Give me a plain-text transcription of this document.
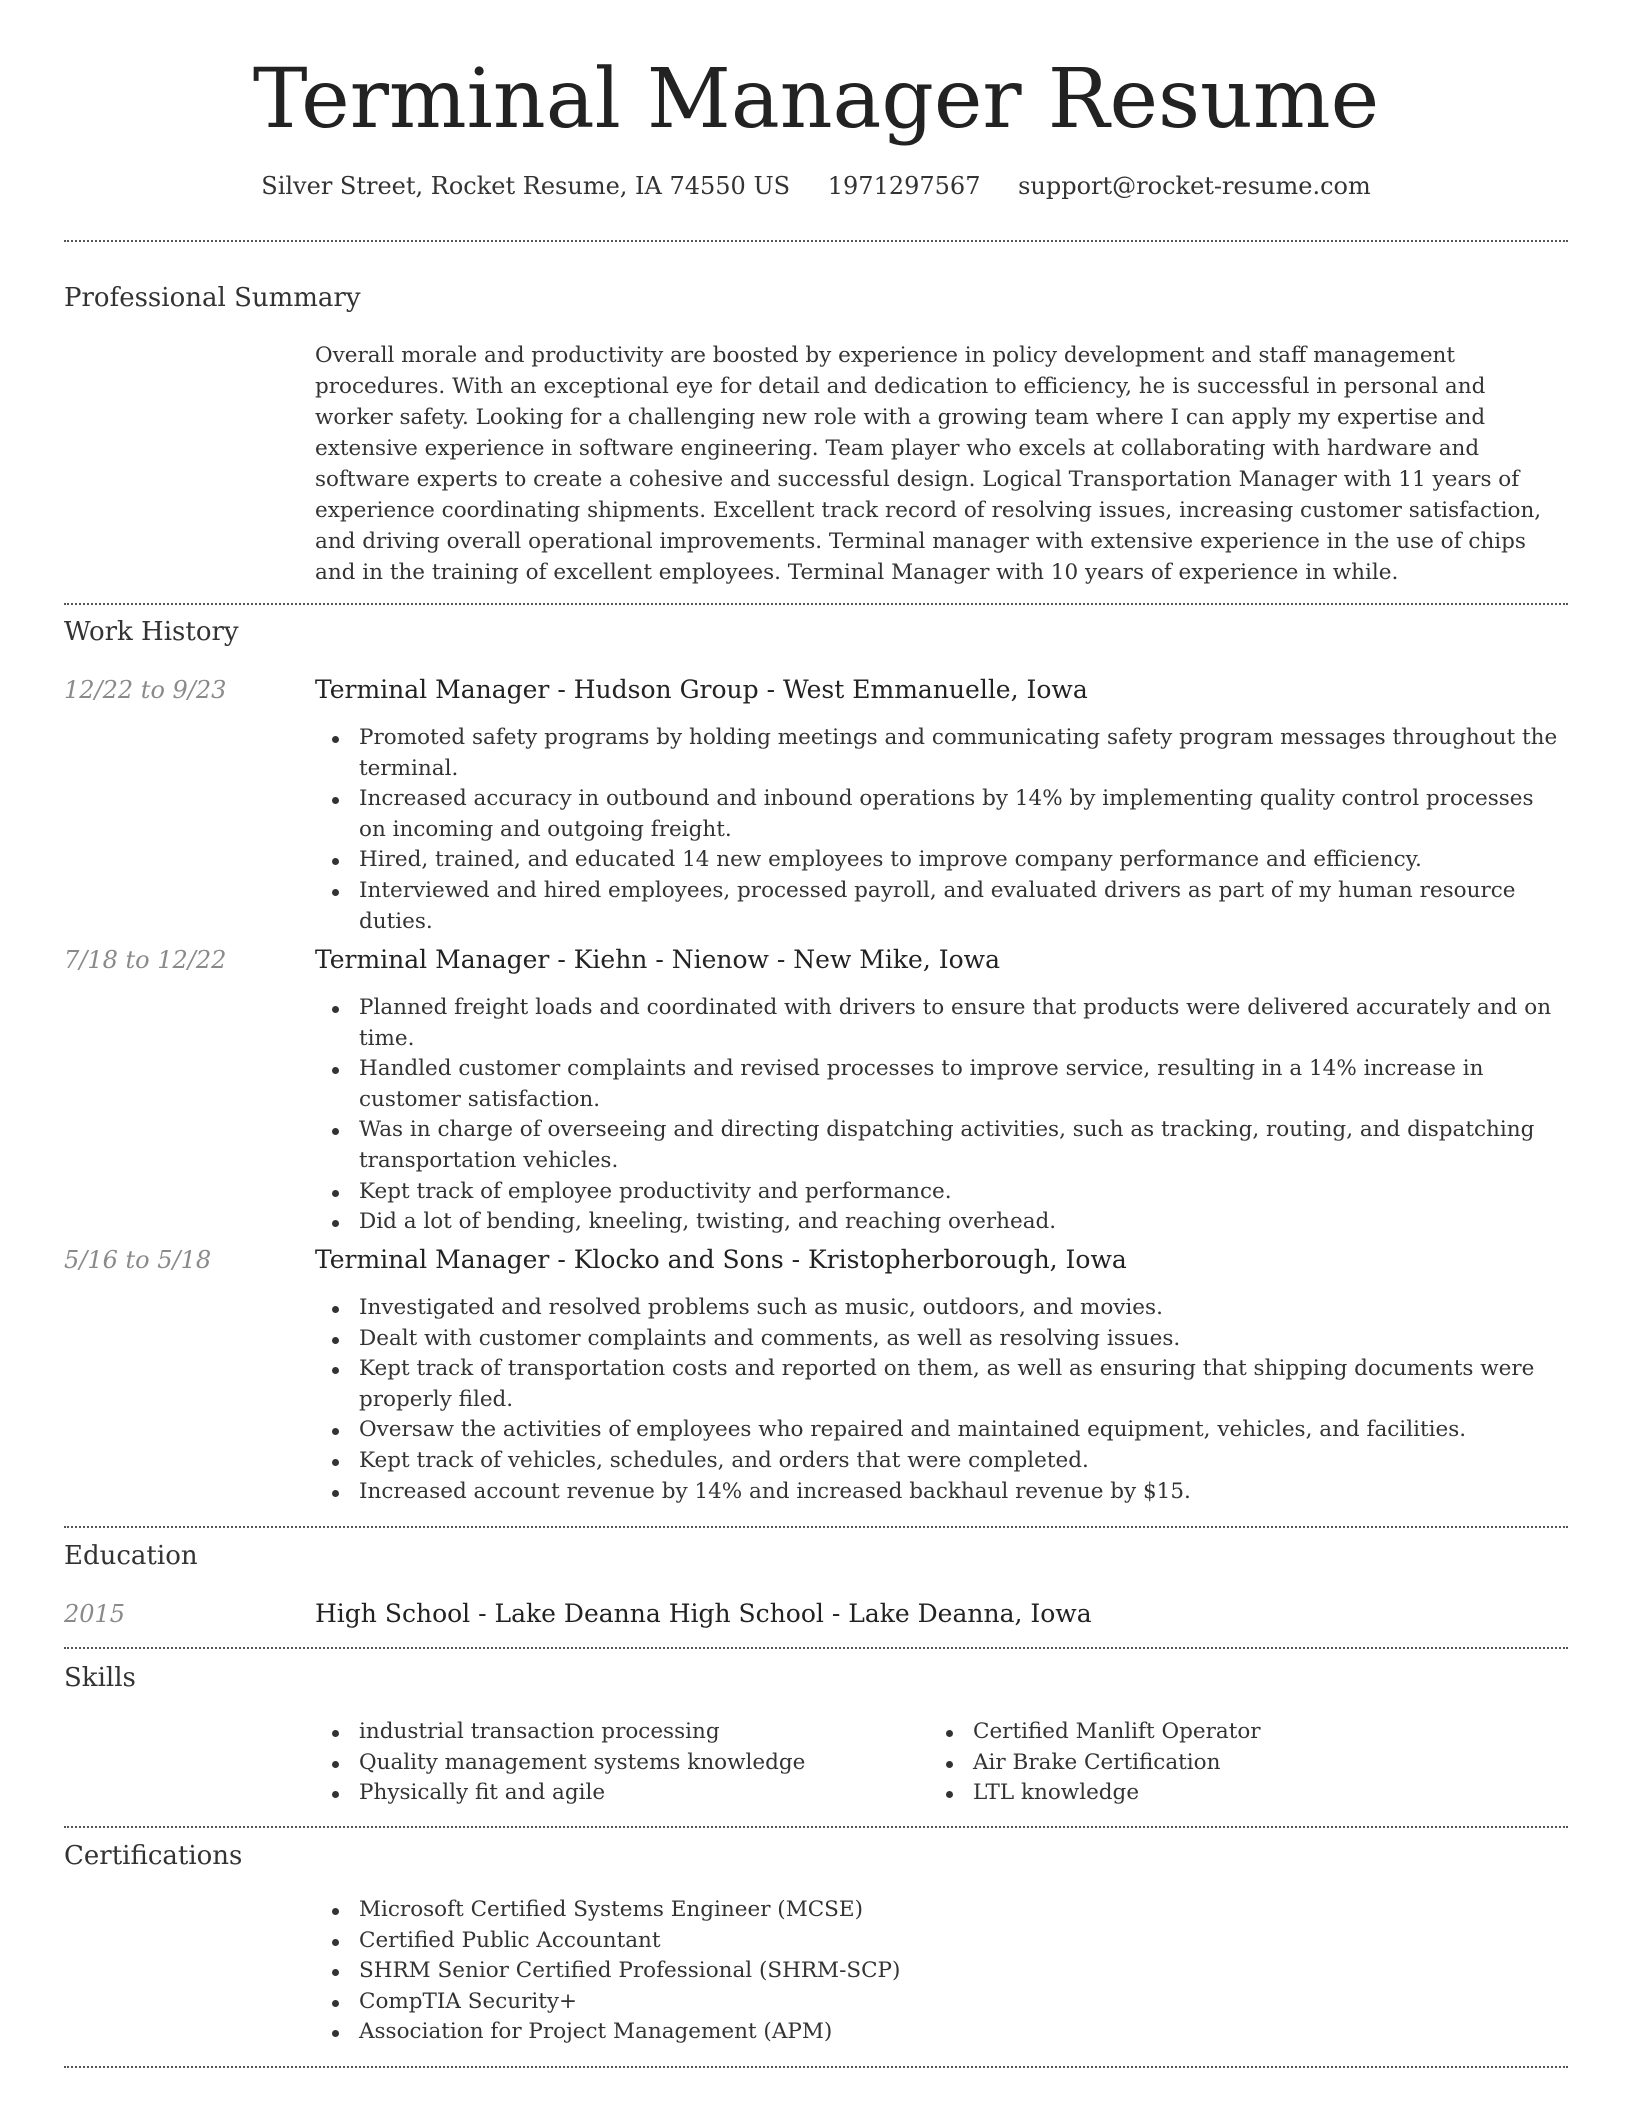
Terminal Manager Resume
Silver Street, Rocket Resume, IA 74550 US 1971297567 support@rocket-resume.com
Professional Summary
Overall morale and productivity are boosted by experience in policy development and staff management procedures. With an exceptional eye for detail and dedication to efficiency, he is successful in personal and worker safety. Looking for a challenging new role with a growing team where I can apply my expertise and extensive experience in software engineering. Team player who excels at collaborating with hardware and software experts to create a cohesive and successful design. Logical Transportation Manager with 11 years of experience coordinating shipments. Excellent track record of resolving issues, increasing customer satisfaction, and driving overall operational improvements. Terminal manager with extensive experience in the use of chips and in the training of excellent employees. Terminal Manager with 10 years of experience in while.
Work History
12/22 to 9/23	Terminal Manager - Hudson Group - West Emmanuelle, Iowa
Promoted safety programs by holding meetings and communicating safety program messages throughout the terminal.
Increased accuracy in outbound and inbound operations by 14% by implementing quality control processes on incoming and outgoing freight.
Hired, trained, and educated 14 new employees to improve company performance and efficiency.
Interviewed and hired employees, processed payroll, and evaluated drivers as part of my human resource duties.
7/18 to 12/22	Terminal Manager - Kiehn - Nienow - New Mike, Iowa
Planned freight loads and coordinated with drivers to ensure that products were delivered accurately and on time.
Handled customer complaints and revised processes to improve service, resulting in a 14% increase in customer satisfaction.
Was in charge of overseeing and directing dispatching activities, such as tracking, routing, and dispatching transportation vehicles.
Kept track of employee productivity and performance.
Did a lot of bending, kneeling, twisting, and reaching overhead.
5/16 to 5/18	Terminal Manager - Klocko and Sons - Kristopherborough, Iowa
Investigated and resolved problems such as music, outdoors, and movies.
Dealt with customer complaints and comments, as well as resolving issues.
Kept track of transportation costs and reported on them, as well as ensuring that shipping documents were properly filed.
Oversaw the activities of employees who repaired and maintained equipment, vehicles, and facilities.
Kept track of vehicles, schedules, and orders that were completed.
Increased account revenue by 14% and increased backhaul revenue by $15.
Education
2015	High School - Lake Deanna High School - Lake Deanna, Iowa
Skills
industrial transaction processing
Quality management systems knowledge
Physically fit and agile
Certified Manlift Operator
Air Brake Certification
LTL knowledge
Certifications
Microsoft Certified Systems Engineer (MCSE)
Certified Public Accountant
SHRM Senior Certified Professional (SHRM-SCP)
CompTIA Security+
Association for Project Management (APM)
